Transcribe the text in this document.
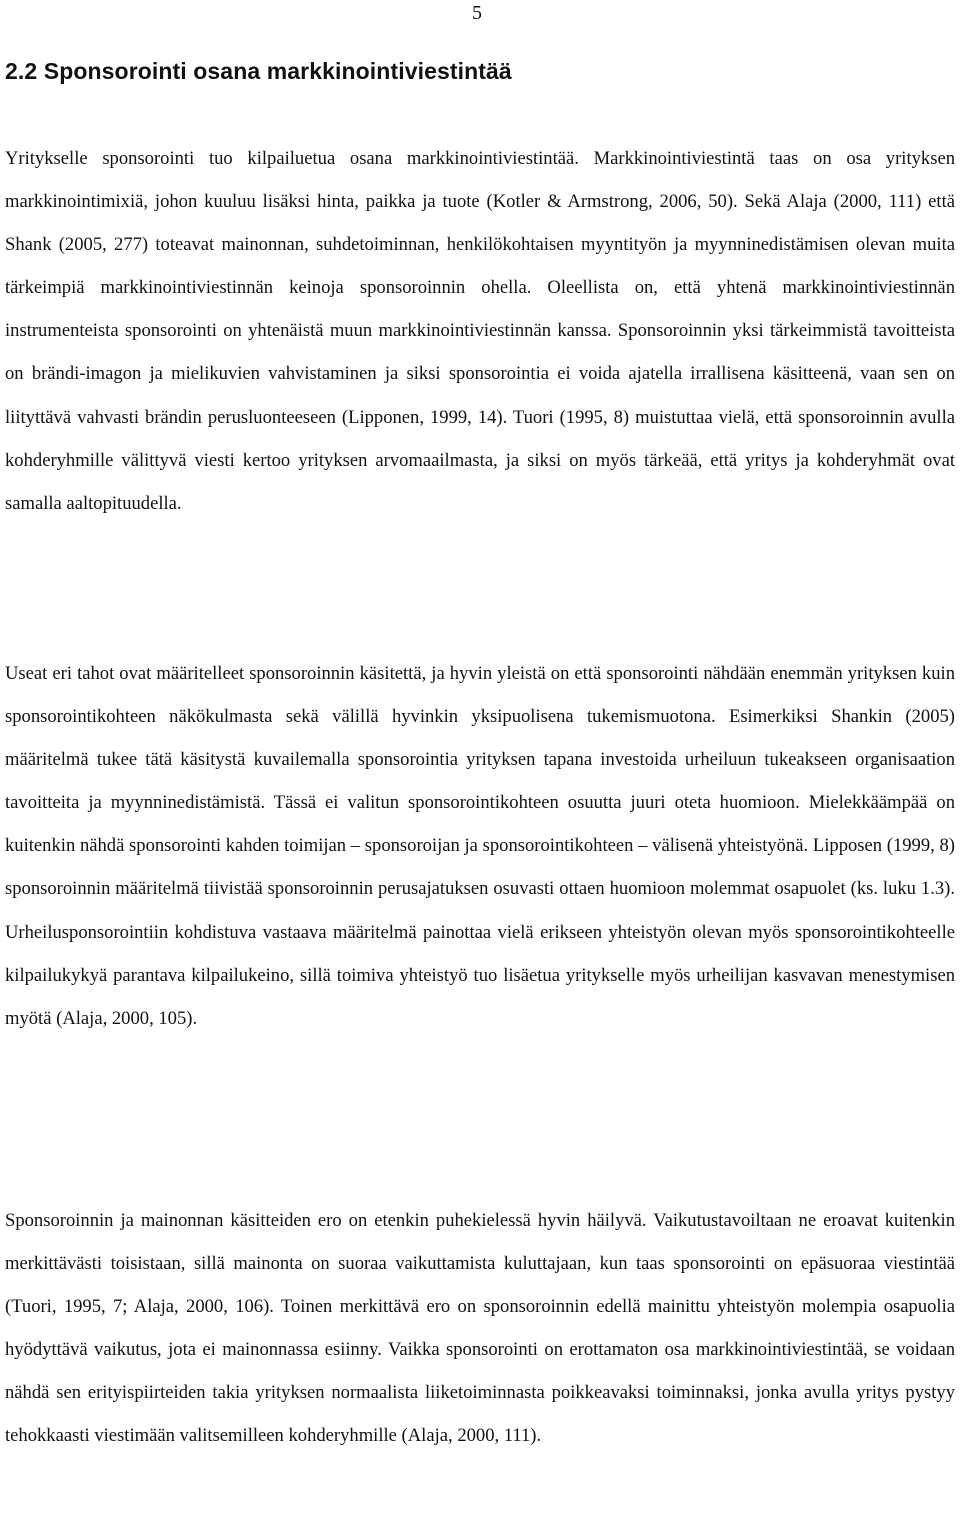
5
2.2 Sponsorointi osana markkinointiviestintää

Yritykselle sponsorointi tuo kilpailuetua osana markkinointiviestintää. Markkinointiviestintä taas on osa yrityksen markkinointimixiä, johon kuuluu lisäksi hinta, paikka ja tuote (Kotler & Armstrong, 2006, 50). Sekä Alaja (2000, 111) että Shank (2005, 277) toteavat mainonnan, suhdetoiminnan, henkilökohtaisen myyntityön ja myynninedistämisen olevan muita tärkeimpiä markkinointiviestinnän keinoja sponsoroinnin ohella. Oleellista on, että yhtenä markkinointiviestinnän instrumenteista sponsorointi on yhtenäistä muun markkinointiviestinnän kanssa. Sponsoroinnin yksi tärkeimmistä tavoitteista on brändi-imagon ja mielikuvien vahvistaminen ja siksi sponsorointia ei voida ajatella irrallisena käsitteenä, vaan sen on liityttävä vahvasti brändin perusluonteeseen (Lipponen, 1999, 14). Tuori (1995, 8) muistuttaa vielä, että sponsoroinnin avulla kohderyhmille välittyvä viesti kertoo yrityksen arvomaailmasta, ja siksi on myös tärkeää, että yritys ja kohderyhmät ovat samalla aaltopituudella.

Useat eri tahot ovat määritelleet sponsoroinnin käsitettä, ja hyvin yleistä on että sponsorointi nähdään enemmän yrityksen kuin sponsorointikohteen näkökulmasta sekä välillä hyvinkin yksipuolisena tukemismuotona. Esimerkiksi Shankin (2005) määritelmä tukee tätä käsitystä kuvailemalla sponsorointia yrityksen tapana investoida urheiluun tukeakseen organisaation tavoitteita ja myynninedistämistä. Tässä ei valitun sponsorointikohteen osuutta juuri oteta huomioon. Mielekkäämpää on kuitenkin nähdä sponsorointi kahden toimijan – sponsoroijan ja sponsorointikohteen – välisenä yhteistyönä. Lipposen (1999, 8) sponsoroinnin määritelmä tiivistää sponsoroinnin perusajatuksen osuvasti ottaen huomioon molemmat osapuolet (ks. luku 1.3). Urheilusponsorointiin kohdistuva vastaava määritelmä painottaa vielä erikseen yhteistyön olevan myös sponsorointikohteelle kilpailukykyä parantava kilpailukeino, sillä toimiva yhteistyö tuo lisäetua yritykselle myös urheilijan kasvavan menestymisen myötä (Alaja, 2000, 105).

Sponsoroinnin ja mainonnan käsitteiden ero on etenkin puhekielessä hyvin häilyvä. Vaikutustavoiltaan ne eroavat kuitenkin merkittävästi toisistaan, sillä mainonta on suoraa vaikuttamista kuluttajaan, kun taas sponsorointi on epäsuoraa viestintää (Tuori, 1995, 7; Alaja, 2000, 106). Toinen merkittävä ero on sponsoroinnin edellä mainittu yhteistyön molempia osapuolia hyödyttävä vaikutus, jota ei mainonnassa esiinny. Vaikka sponsorointi on erottamaton osa markkinointiviestintää, se voidaan nähdä sen erityispiirteiden takia yrityksen normaalista liiketoiminnasta poikkeavaksi toiminnaksi, jonka avulla yritys pystyy tehokkaasti viestimään valitsemilleen kohderyhmille (Alaja, 2000, 111).
